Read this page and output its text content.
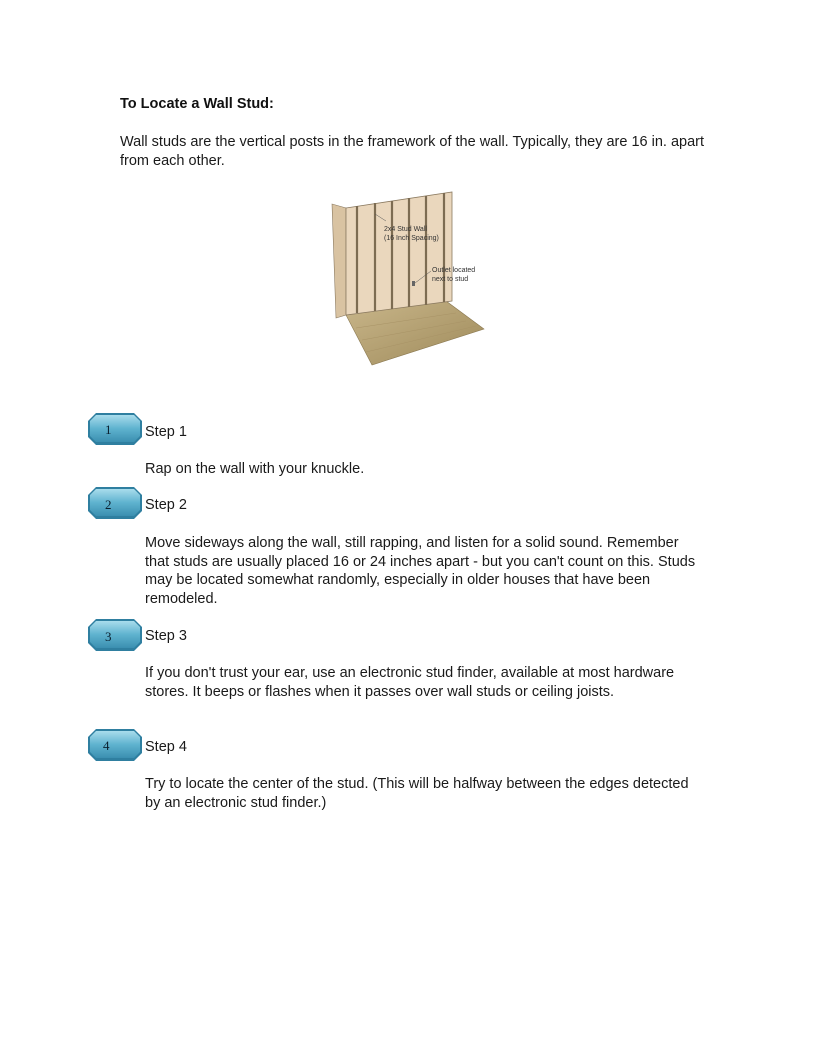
To Locate a Wall Stud:
Wall studs are the vertical posts in the framework of the wall. Typically, they are 16 in. apart from each other.
2x4 Stud Wall
(16 Inch Spacing)
Outlet located
next to stud
1 Step 1
Rap on the wall with your knuckle.
2 Step 2
Move sideways along the wall, still rapping, and listen for a solid sound. Remember that studs are usually placed 16 or 24 inches apart - but you can't count on this. Studs may be located somewhat randomly, especially in older houses that have been remodeled.
3 Step 3
If you don't trust your ear, use an electronic stud finder, available at most hardware stores. It beeps or flashes when it passes over wall studs or ceiling joists.
4 Step 4
Try to locate the center of the stud. (This will be halfway between the edges detected by an electronic stud finder.)
